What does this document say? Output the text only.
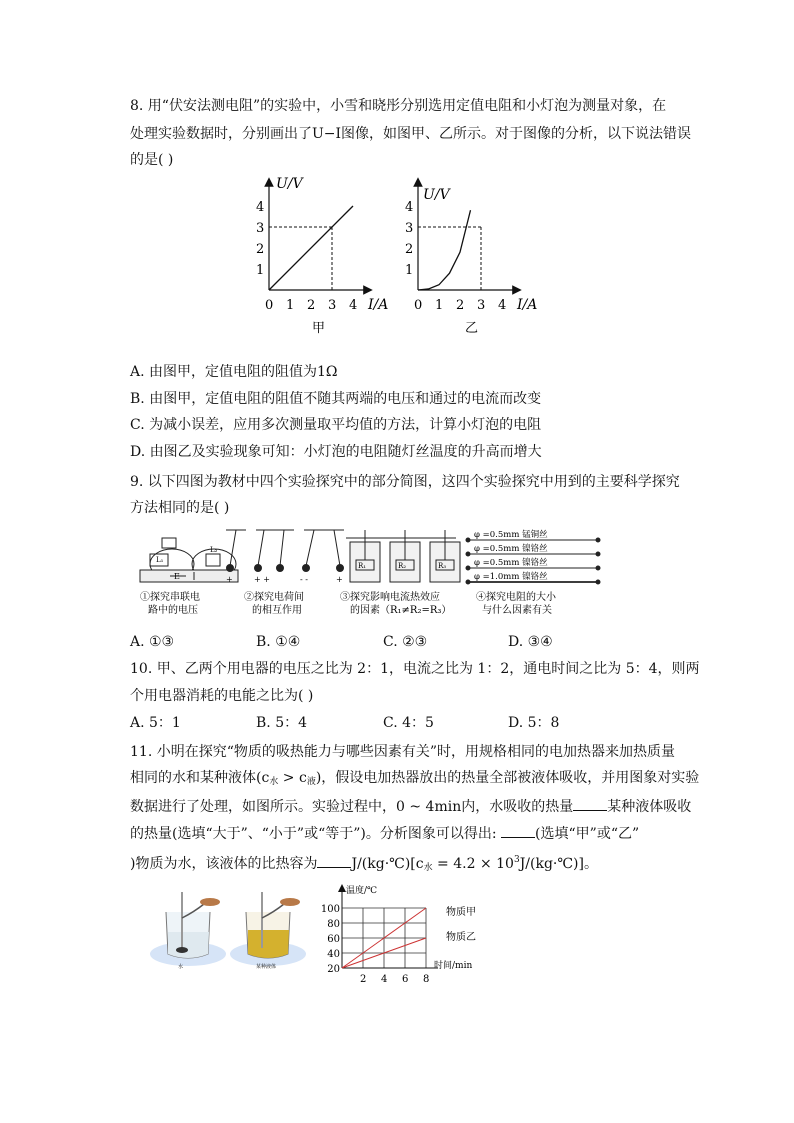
8. 用“伏安法测电阻”的实验中，小雪和晓彤分别选用定值电阻和小灯泡为测量对象，在
处理实验数据时，分别画出了U−I图像，如图甲、乙所示。对于图像的分析，以下说法错误
的是( )
U/V
I/A
甲
1
2
3
4
0 1 2 3 4
U/V
I/A
乙
1
2
3
4
0 1 2 3 4
A. 由图甲，定值电阻的阻值为1Ω
B. 由图甲，定值电阻的阻值不随其两端的电压和通过的电流而改变
C. 为减小误差，应用多次测量取平均值的方法，计算小灯泡的电阻
D. 由图乙及实验现象可知：小灯泡的电阻随灯丝温度的升高而增大
9. 以下四图为教材中四个实验探究中的部分简图，这四个实验探究中用到的主要科学探究
方法相同的是( )
L₁
L₂
E
①探究串联电
路中的电压
+	+ +	- -	+
②探究电荷间
的相互作用
R₁	R₂	R₃
③探究影响电流热效应
的因素（R₁≠R₂=R₃）
φ =0.5mm 锰铜丝
φ =0.5mm 镍铬丝
φ =0.5mm 镍铬丝
φ =1.0mm 镍铬丝
④探究电阻的大小
与什么因素有关
A. ①③	B. ①④	C. ②③	D. ③④
10. 甲、乙两个用电器的电压之比为 2：1，电流之比为 1：2，通电时间之比为 5：4，则两
个用电器消耗的电能之比为( )
A. 5：1	B. 5：4	C. 4：5	D. 5：8
11. 小明在探究“物质的吸热能力与哪些因素有关”时，用规格相同的电加热器来加热质量
相同的水和某种液体$(c_水 > c_液)$，假设电加热器放出的热量全部被液体吸收，并用图象对实验
数据进行了处理，如图所示。实验过程中，0 ~ 4min内，水吸收的热量 某种液体吸收
的热量(选填“大于”、“小于”或“等于”)。分析图象可以得出: (选填“甲”或“乙”
)物质为水，该液体的比热容为 $J/(kg\cdot℃)[c_水 = 4.2$ × $10^3J/(kg\cdot℃)$]。
水	某种液体
温度/℃
时间/min
物质甲
物质乙
20
40
60
80
100
2 4 6 8
